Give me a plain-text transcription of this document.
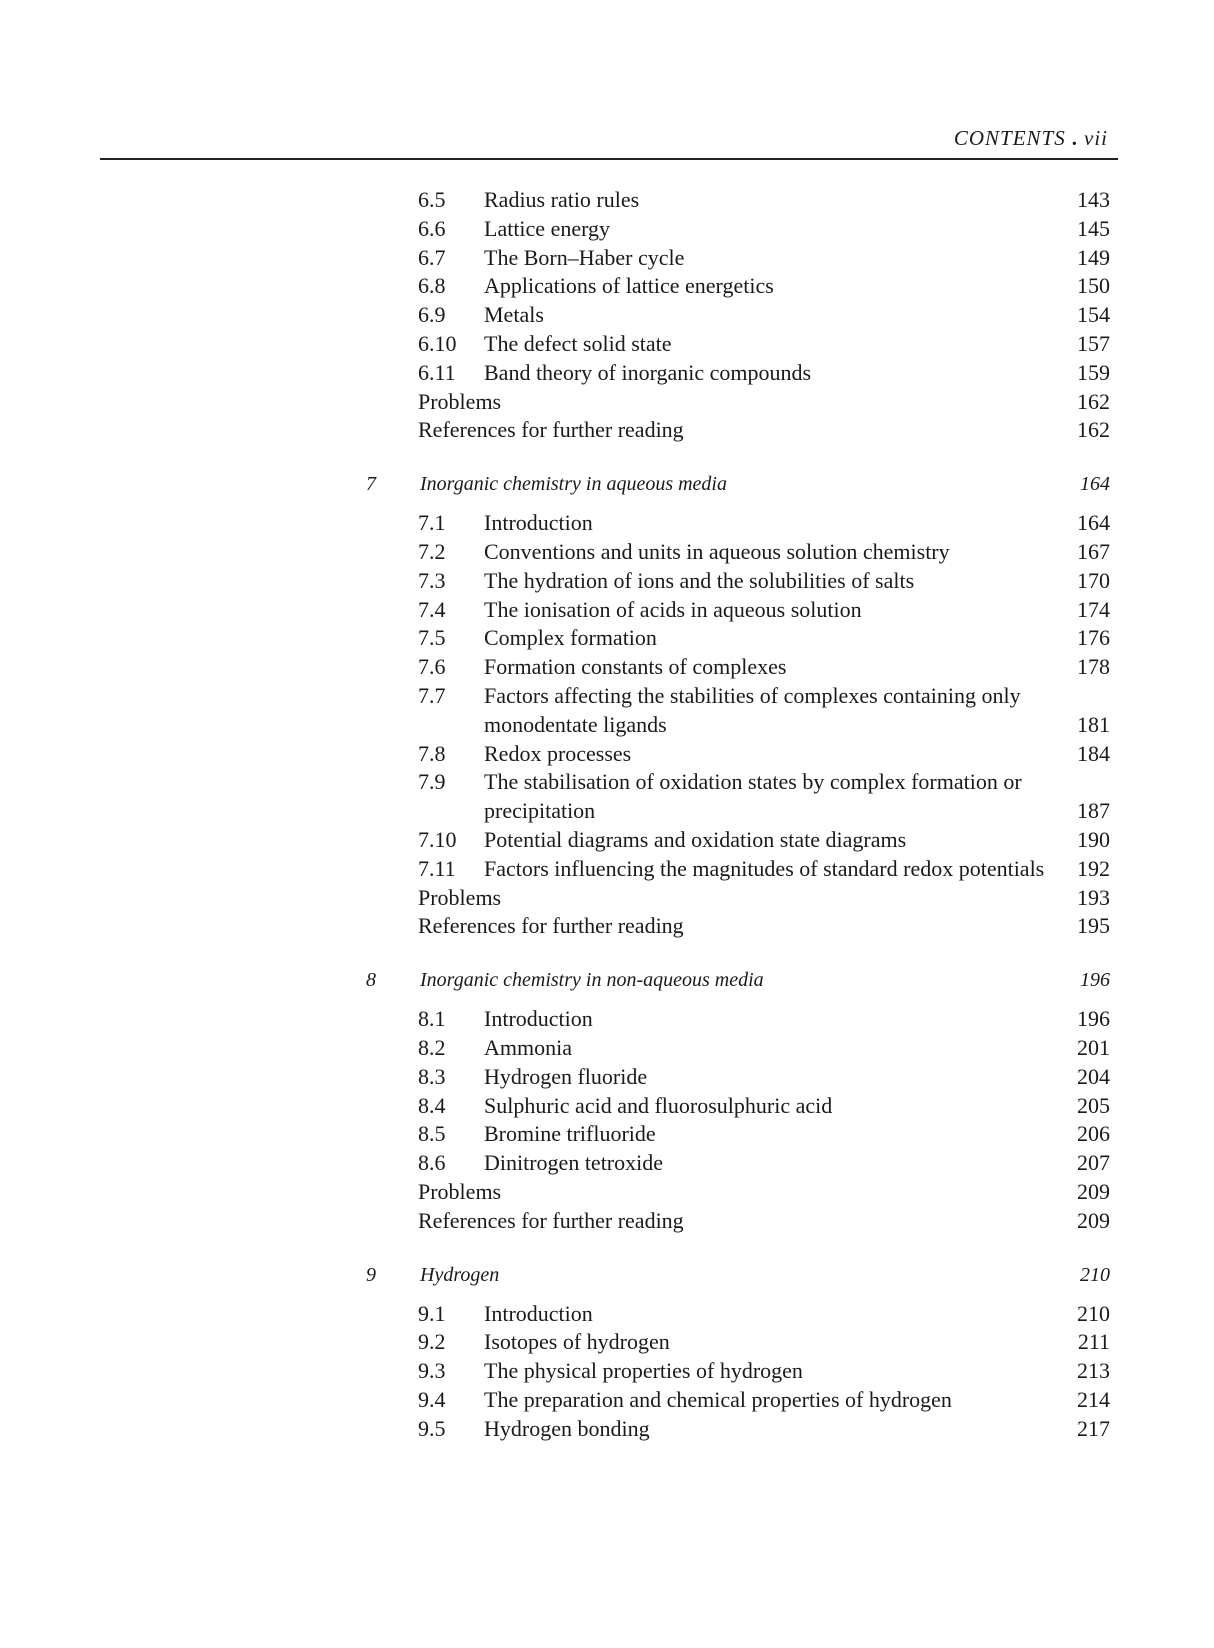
CONTENTS . vii
6.5 Radius ratio rules	143
6.6 Lattice energy	145
6.7 The Born–Haber cycle	149
6.8 Applications of lattice energetics	150
6.9 Metals	154
6.10 The defect solid state	157
6.11 Band theory of inorganic compounds	159
Problems	162
References for further reading	162
7 Inorganic chemistry in aqueous media	164
7.1 Introduction	164
7.2 Conventions and units in aqueous solution chemistry	167
7.3 The hydration of ions and the solubilities of salts	170
7.4 The ionisation of acids in aqueous solution	174
7.5 Complex formation	176
7.6 Formation constants of complexes	178
7.7 Factors affecting the stabilities of complexes containing only monodentate ligands	181
7.8 Redox processes	184
7.9 The stabilisation of oxidation states by complex formation or precipitation	187
7.10 Potential diagrams and oxidation state diagrams	190
7.11 Factors influencing the magnitudes of standard redox potentials 192
Problems	193
References for further reading	195
8 Inorganic chemistry in non-aqueous media	196
8.1 Introduction	196
8.2 Ammonia	201
8.3 Hydrogen fluoride	204
8.4 Sulphuric acid and fluorosulphuric acid	205
8.5 Bromine trifluoride	206
8.6 Dinitrogen tetroxide	207
Problems	209
References for further reading	209
9 Hydrogen	210
9.1 Introduction	210
9.2 Isotopes of hydrogen	211
9.3 The physical properties of hydrogen	213
9.4 The preparation and chemical properties of hydrogen	214
9.5 Hydrogen bonding	217
